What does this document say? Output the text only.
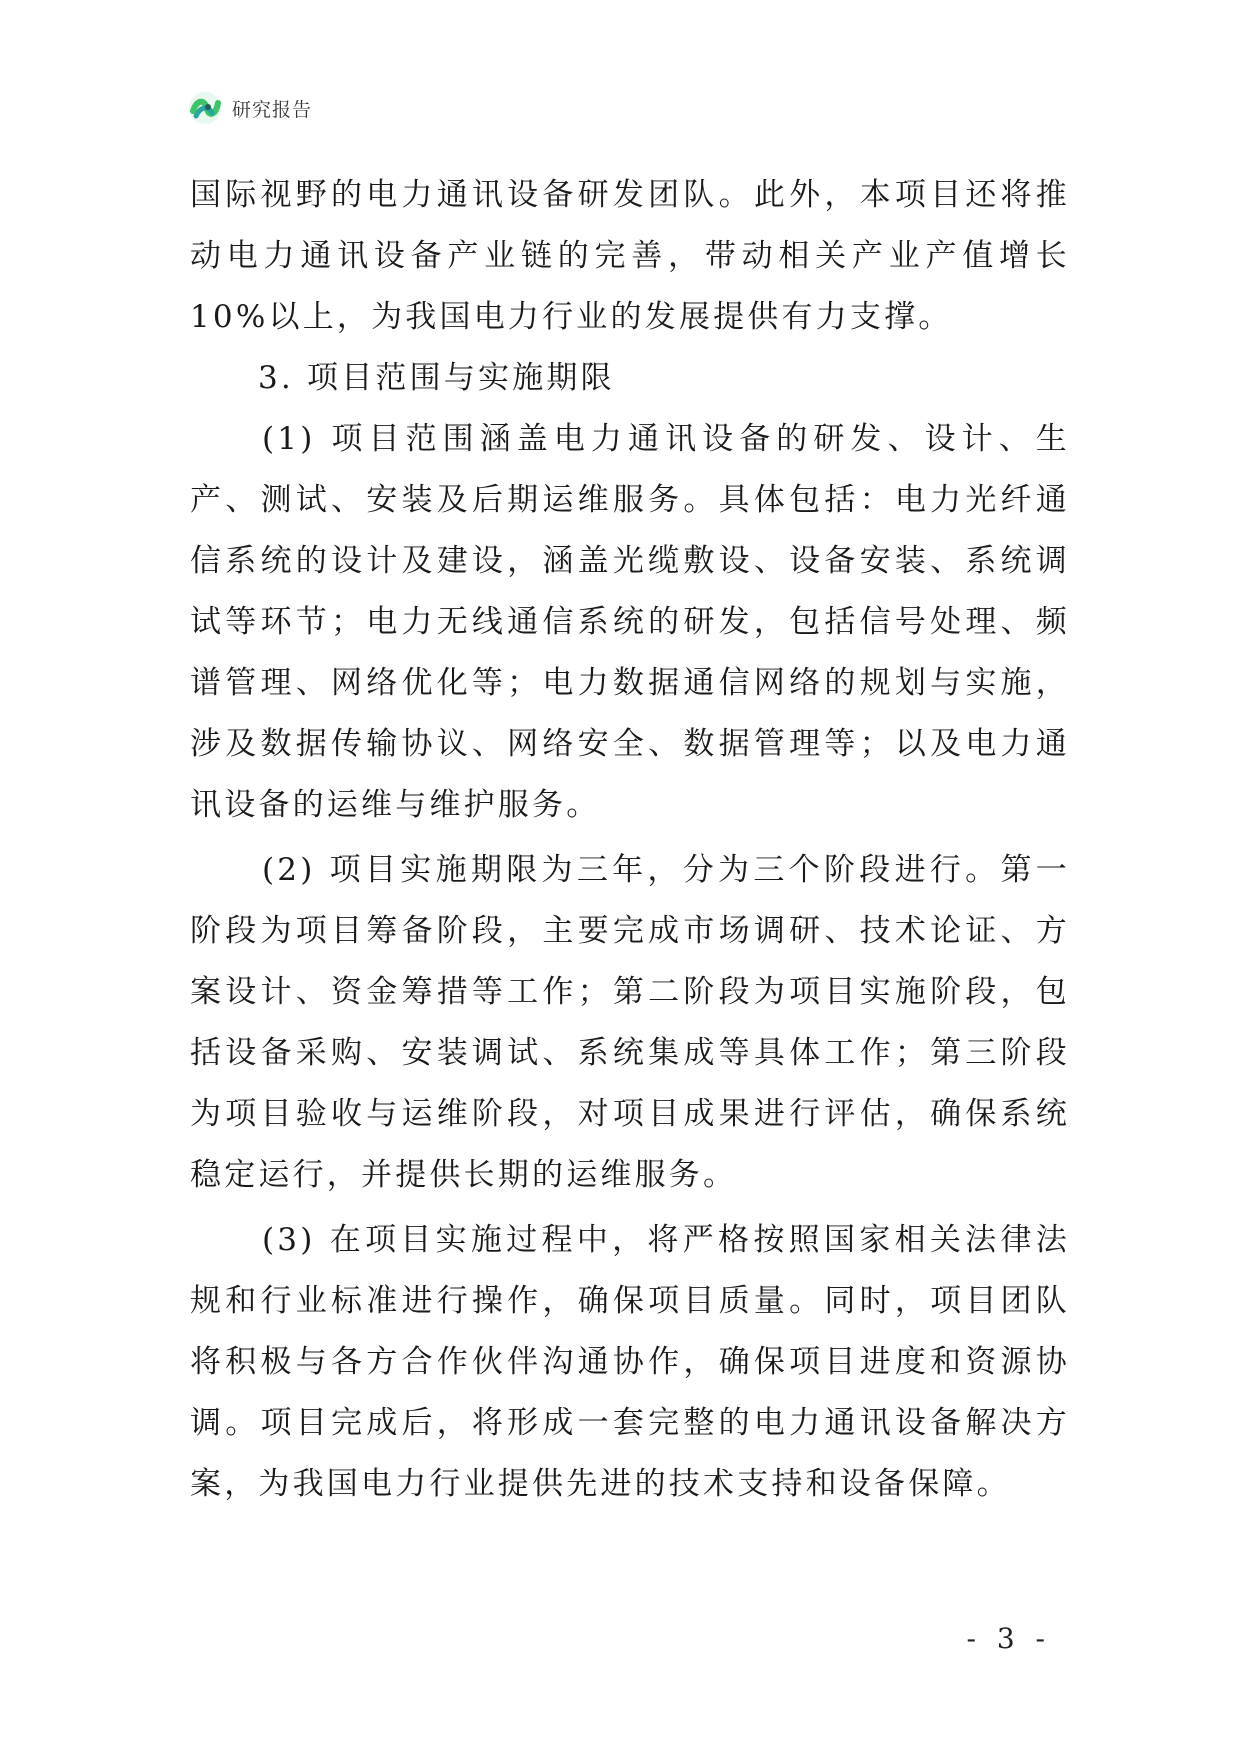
研究报告

国际视野的电力通讯设备研发团队。此外，本项目还将推动电力通讯设备产业链的完善，带动相关产业产值增长10%以上，为我国电力行业的发展提供有力支撑。

3. 项目范围与实施期限

(1) 项目范围涵盖电力通讯设备的研发、设计、生产、测试、安装及后期运维服务。具体包括：电力光纤通信系统的设计及建设，涵盖光缆敷设、设备安装、系统调试等环节；电力无线通信系统的研发，包括信号处理、频谱管理、网络优化等；电力数据通信网络的规划与实施，涉及数据传输协议、网络安全、数据管理等；以及电力通讯设备的运维与维护服务。

(2) 项目实施期限为三年，分为三个阶段进行。第一阶段为项目筹备阶段，主要完成市场调研、技术论证、方案设计、资金筹措等工作；第二阶段为项目实施阶段，包括设备采购、安装调试、系统集成等具体工作；第三阶段为项目验收与运维阶段，对项目成果进行评估，确保系统稳定运行，并提供长期的运维服务。

(3) 在项目实施过程中，将严格按照国家相关法律法规和行业标准进行操作，确保项目质量。同时，项目团队将积极与各方合作伙伴沟通协作，确保项目进度和资源协调。项目完成后，将形成一套完整的电力通讯设备解决方案，为我国电力行业提供先进的技术支持和设备保障。

- 3 -
